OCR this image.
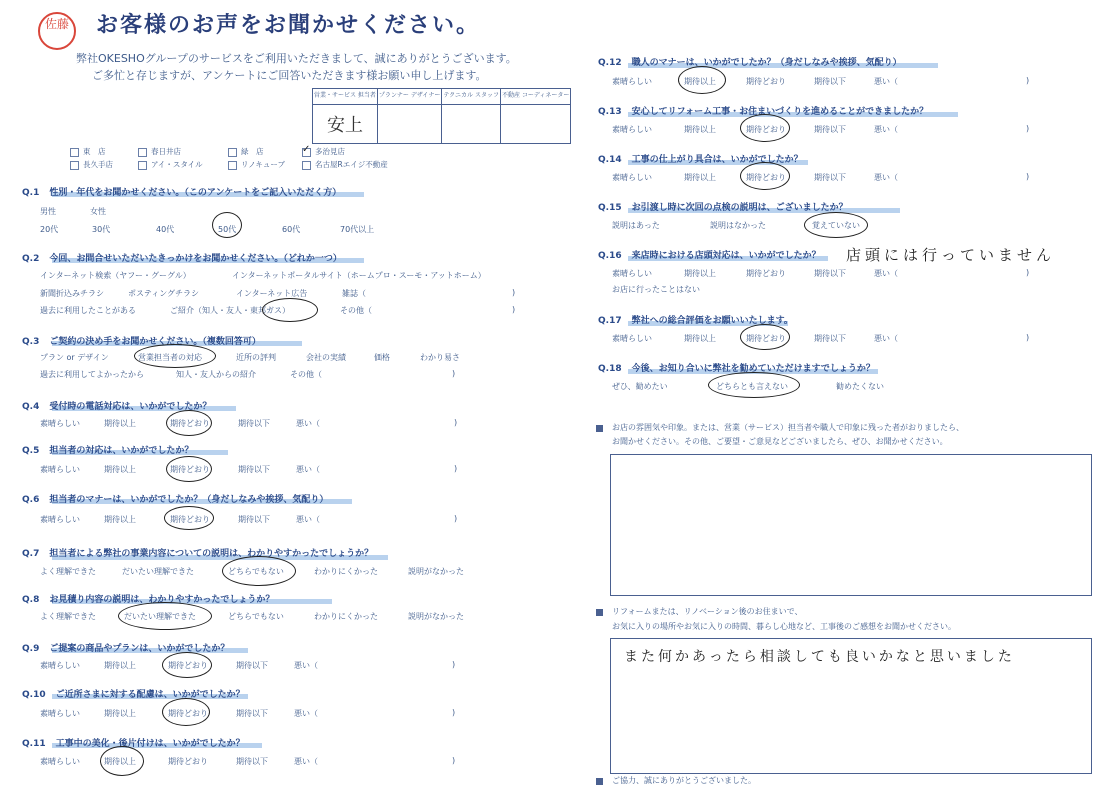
佐藤 お客様のお声をお聞かせください。
弊社OKESHOグループのサービスをご利用いただきまして、誠にありがとうございます。
ご多忙と存じますが、アンケートにご回答いただきます様お願い申し上げます。
営業・サービス 担当者	プランナー デザイナー	テクニカル スタッフ	不動産 コーディネーター
安上			
東　店
長久手店
春日井店
アイ・スタイル
緑　店
リノキューブ
✓多治見店
名古屋Rエイジ不動産
Q.1 性別・年代をお聞かせください。（このアンケートをご記入いただく方）
男性	女性
20代	30代	40代	50代	60代	70代以上
Q.2 今回、お問合せいただいたきっかけをお聞かせください。（どれか一つ）
インターネット検索（ヤフー・グーグル）	インターネットポータルサイト（ホームプロ・スーモ・アットホーム）
新聞折込みチラシ	ポスティングチラシ	インターネット広告	雑誌（	)
過去に利用したことがある	ご紹介（知人・友人・東邦ガス）	その他（	)
Q.3 ご契約の決め手をお聞かせください。（複数回答可）
プラン or デザイン	営業担当者の対応	近所の評判	会社の実績	価格	わかり易さ
過去に利用してよかったから	知人・友人からの紹介	その他（	)
Q.4 受付時の電話対応は、いかがでしたか？
素晴らしい	期待以上	期待どおり	期待以下	悪い（	)
Q.5 担当者の対応は、いかがでしたか？
素晴らしい	期待以上	期待どおり	期待以下	悪い（	)
Q.6 担当者のマナーは、いかがでしたか？（身だしなみや挨拶、気配り）
素晴らしい	期待以上	期待どおり	期待以下	悪い（	)
Q.7 担当者による弊社の事業内容についての説明は、わかりやすかったでしょうか？
よく理解できた	だいたい理解できた	どちらでもない	わかりにくかった	説明がなかった
Q.8 お見積り内容の説明は、わかりやすかったでしょうか？
よく理解できた	だいたい理解できた	どちらでもない	わかりにくかった	説明がなかった
Q.9 ご提案の商品やプランは、いかがでしたか？
素晴らしい	期待以上	期待どおり	期待以下	悪い（	)
Q.10 ご近所さまに対する配慮は、いかがでしたか？
素晴らしい	期待以上	期待どおり	期待以下	悪い（	)
Q.11 工事中の美化・後片付けは、いかがでしたか？
素晴らしい	期待以上	期待どおり	期待以下	悪い（	)
Q.12 職人のマナーは、いかがでしたか？（身だしなみや挨拶、気配り）
素晴らしい	期待以上	期待どおり	期待以下	悪い（	)
Q.13 安心してリフォーム工事・お住まいづくりを進めることができましたか？
素晴らしい	期待以上	期待どおり	期待以下	悪い（	)
Q.14 工事の仕上がり具合は、いかがでしたか？
素晴らしい	期待以上	期待どおり	期待以下	悪い（	)
Q.15 お引渡し時に次回の点検の説明は、ございましたか？
説明はあった	説明はなかった	覚えていない
Q.16 来店時における店頭対応は、いかがでしたか？ 店頭には行っていません
素晴らしい	期待以上	期待どおり	期待以下	悪い（	)
お店に行ったことはない
Q.17 弊社への総合評価をお願いいたします。
素晴らしい	期待以上	期待どおり	期待以下	悪い（	)
Q.18 今後、お知り合いに弊社を勧めていただけますでしょうか？
ぜひ、勧めたい	どちらとも言えない	勧めたくない
お店の雰囲気や印象。または、営業（サービス）担当者や職人で印象に残った者がおりましたら、
お聞かせください。その他、ご要望・ご意見などございましたら、ぜひ、お聞かせください。
リフォームまたは、リノベーション後のお住まいで、
お気に入りの場所やお気に入りの時間、暮らし心地など、工事後のご感想をお聞かせください。
また何かあったら相談しても良いかなと思いました
ご協力、誠にありがとうございました。
